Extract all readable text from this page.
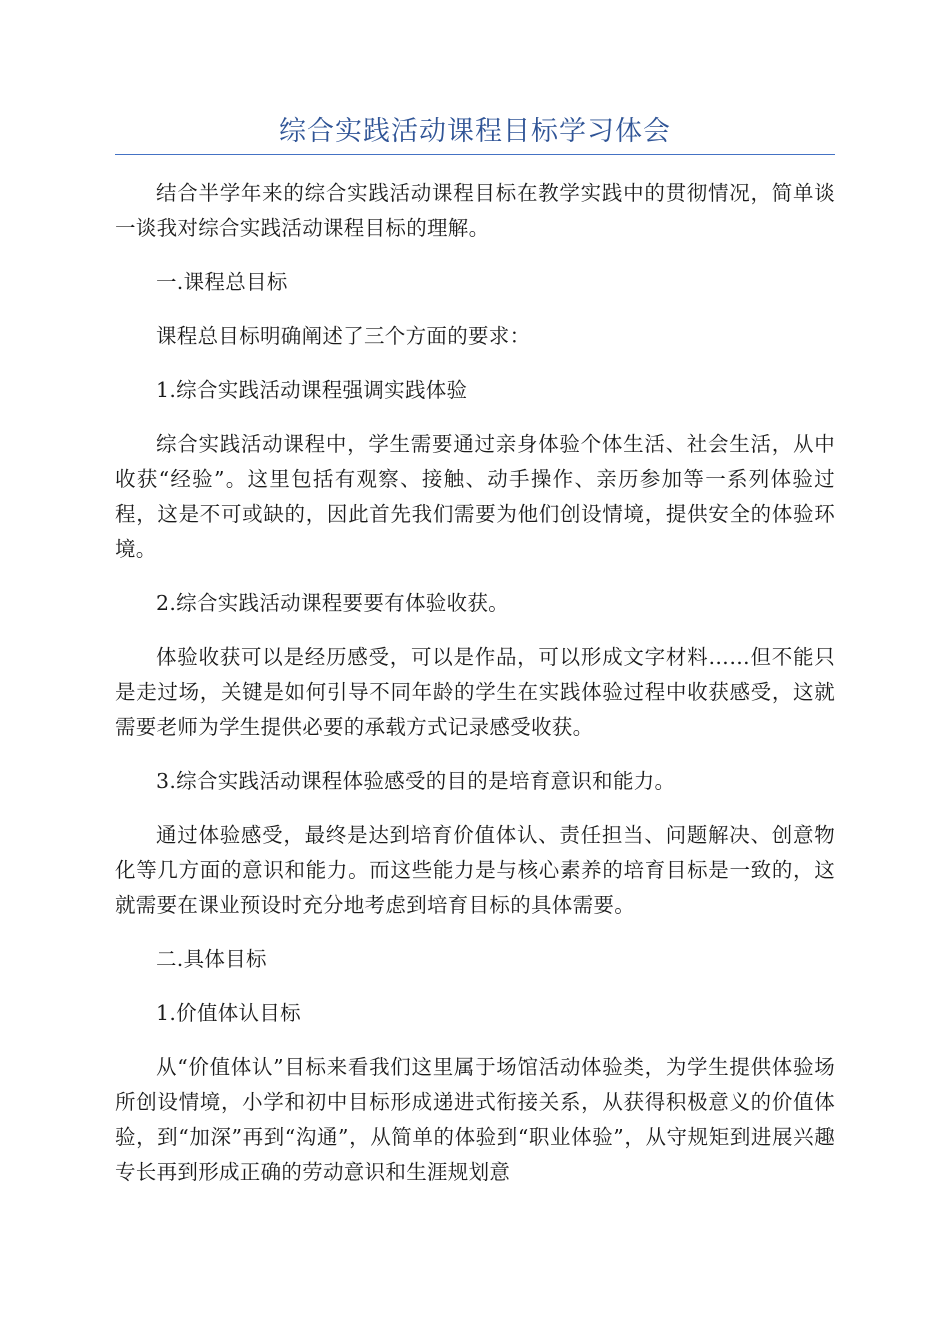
综合实践活动课程目标学习体会

结合半学年来的综合实践活动课程目标在教学实践中的贯彻情况，简单谈一谈我对综合实践活动课程目标的理解。

一.课程总目标

课程总目标明确阐述了三个方面的要求：

1.综合实践活动课程强调实践体验

综合实践活动课程中，学生需要通过亲身体验个体生活、社会生活，从中收获“经验”。这里包括有观察、接触、动手操作、亲历参加等一系列体验过程，这是不可或缺的，因此首先我们需要为他们创设情境，提供安全的体验环境。

2.综合实践活动课程要要有体验收获。

体验收获可以是经历感受，可以是作品，可以形成文字材料……但不能只是走过场，关键是如何引导不同年龄的学生在实践体验过程中收获感受，这就需要老师为学生提供必要的承载方式记录感受收获。

3.综合实践活动课程体验感受的目的是培育意识和能力。

通过体验感受，最终是达到培育价值体认、责任担当、问题解决、创意物化等几方面的意识和能力。而这些能力是与核心素养的培育目标是一致的，这就需要在课业预设时充分地考虑到培育目标的具体需要。

二.具体目标

1.价值体认目标

从“价值体认”目标来看我们这里属于场馆活动体验类，为学生提供体验场所创设情境，小学和初中目标形成递进式衔接关系，从获得积极意义的价值体验，到“加深”再到“沟通”，从简单的体验到“职业体验”，从守规矩到进展兴趣专长再到形成正确的劳动意识和生涯规划意
